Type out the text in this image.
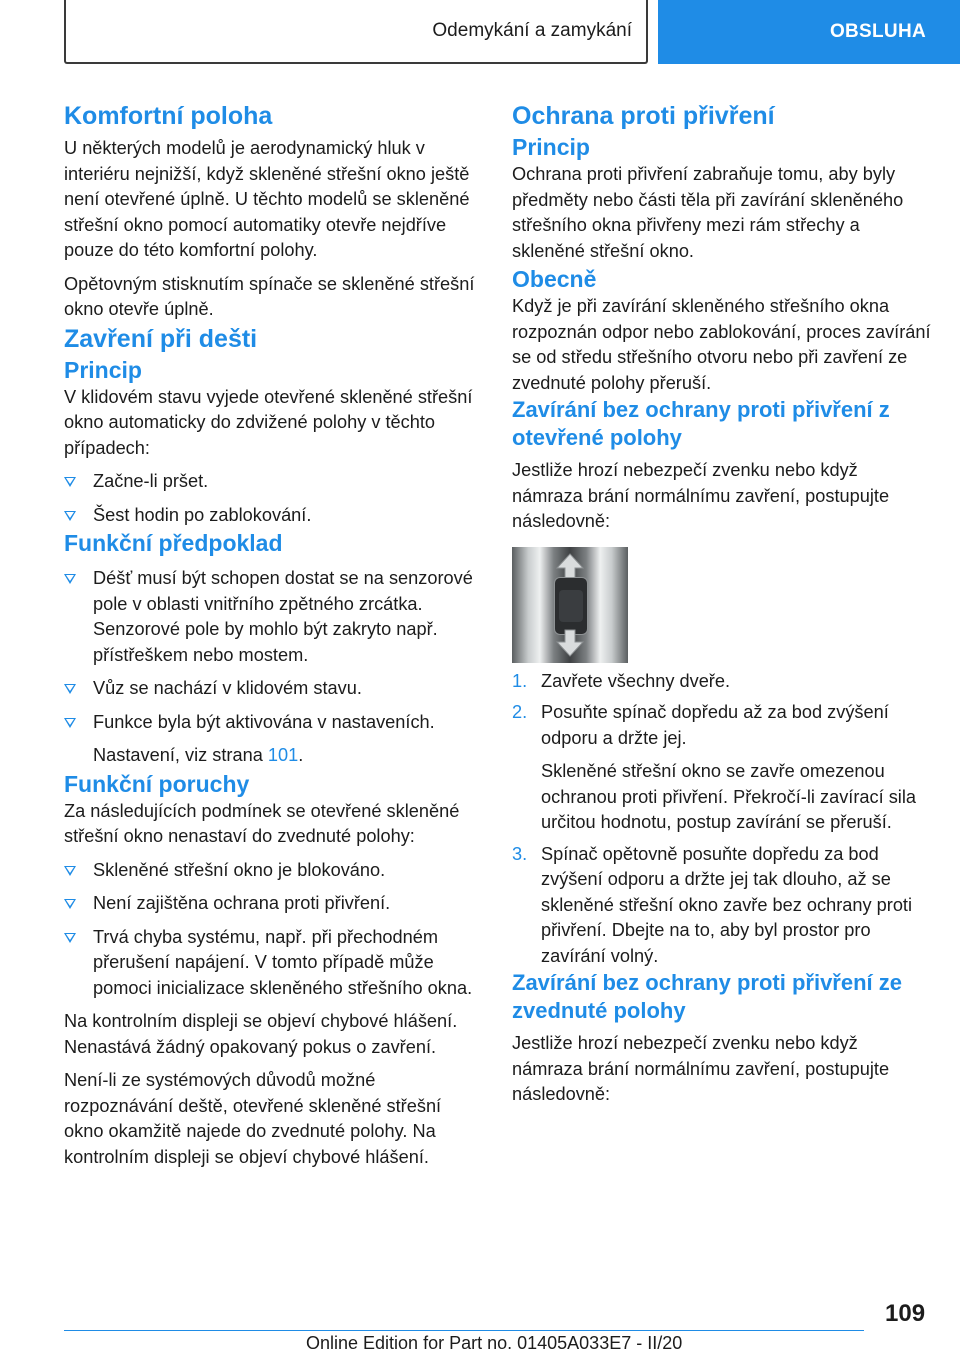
Odemykání a zamykání	OBSLUHA
Komfortní poloha

U některých modelů je aerodynamický hluk v interiéru nejnižší, když skleněné střešní okno ještě není otevřené úplně. U těchto modelů se skleněné střešní okno pomocí automatiky otevře nejdříve pouze do této komfortní polohy.

Opětovným stisknutím spínače se skleněné střešní okno otevře úplně.

Zavření při dešti
Princip

V klidovém stavu vyjede otevřené skleněné střešní okno automaticky do zdvižené polohy v těchto případech:

Začne-li pršet.
Šest hodin po zablokování.
Funkční předpoklad
Déšť musí být schopen dostat se na senzorové pole v oblasti vnitřního zpětného zrcátka. Senzorové pole by mohlo být zakryto např. přístřeškem nebo mostem.
Vůz se nachází v klidovém stavu.
Funkce byla být aktivována v nastaveních.

Nastavení, viz strana 101.

Funkční poruchy

Za následujících podmínek se otevřené skleněné střešní okno nenastaví do zvednuté polohy:

Skleněné střešní okno je blokováno.
Není zajištěna ochrana proti přivření.
Trvá chyba systému, např. při přechodném přerušení napájení. V tomto případě může pomoci inicializace skleněného střešního okna.

Na kontrolním displeji se objeví chybové hlášení. Nenastává žádný opakovaný pokus o zavření.

Není-li ze systémových důvodů možné rozpoznávání deště, otevřené skleněné střešní okno okamžitě najede do zvednuté polohy. Na kontrolním displeji se objeví chybové hlášení.

Ochrana proti přivření
Princip

Ochrana proti přivření zabraňuje tomu, aby byly předměty nebo části těla při zavírání skleněného střešního okna přivřeny mezi rám střechy a skleněné střešní okno.

Obecně

Když je při zavírání skleněného střešního okna rozpoznán odpor nebo zablokování, proces zavírání se od středu střešního otvoru nebo při zavření ze zvednuté polohy přeruší.

Zavírání bez ochrany proti přivření z otevřené polohy

Jestliže hrozí nebezpečí zvenku nebo když námraza brání normálnímu zavření, postupujte následovně:

1. Zavřete všechny dveře.
2. Posuňte spínač dopředu až za bod zvýšení odporu a držte jej.

Skleněné střešní okno se zavře omezenou ochranou proti přivření. Překročí-li zavírací sila určitou hodnotu, postup zavírání se přeruší.

3. Spínač opětovně posuňte dopředu za bod zvýšení odporu a držte jej tak dlouho, až se skleněné střešní okno zavře bez ochrany proti přivření. Dbejte na to, aby byl prostor pro zavírání volný.
Zavírání bez ochrany proti přivření ze zvednuté polohy

Jestliže hrozí nebezpečí zvenku nebo když námraza brání normálnímu zavření, postupujte následovně:

109
Online Edition for Part no. 01405A033E7 - II/20
